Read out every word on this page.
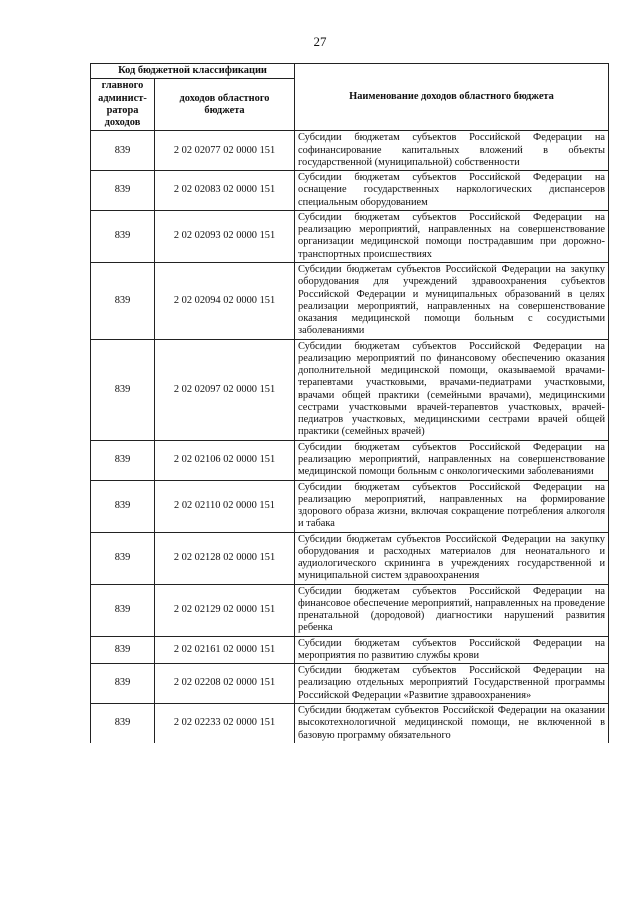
27
Код бюджетной классификации		Наименование доходов областного бюджета
главного админист-ратора доходов	доходов областного бюджета	
839	2 02 02077 02 0000 151	Субсидии бюджетам субъектов Российской Федерации на софинансирование капитальных вложений в объекты государственной (муниципальной) собственности
839	2 02 02083 02 0000 151	Субсидии бюджетам субъектов Российской Федерации на оснащение государственных наркологических диспансеров специальным оборудованием
839	2 02 02093 02 0000 151	Субсидии бюджетам субъектов Российской Федерации на реализацию мероприятий, направленных на совершенствование организации медицинской помощи пострадавшим при дорожно-транспортных происшествиях
839	2 02 02094 02 0000 151	Субсидии бюджетам субъектов Российской Федерации на закупку оборудования для учреждений здравоохранения субъектов Российской Федерации и муниципальных образований в целях реализации мероприятий, направленных на совершенствование оказания медицинской помощи больным с сосудистыми заболеваниями
839	2 02 02097 02 0000 151	Субсидии бюджетам субъектов Российской Федерации на реализацию мероприятий по финансовому обеспечению оказания дополнительной медицинской помощи, оказываемой врачами-терапевтами участковыми, врачами-педиатрами участковыми, врачами общей практики (семейными врачами), медицинскими сестрами участковыми врачей-терапевтов участковых, врачей-педиатров участковых, медицинскими сестрами врачей общей практики (семейных врачей)
839	2 02 02106 02 0000 151	Субсидии бюджетам субъектов Российской Федерации на реализацию мероприятий, направленных на совершенствование медицинской помощи больным с онкологическими заболеваниями
839	2 02 02110 02 0000 151	Субсидии бюджетам субъектов Российской Федерации на реализацию мероприятий, направленных на формирование здорового образа жизни, включая сокращение потребления алкоголя и табака
839	2 02 02128 02 0000 151	Субсидии бюджетам субъектов Российской Федерации на закупку оборудования и расходных материалов для неонатального и аудиологического скрининга в учреждениях государственной и муниципальной систем здравоохранения
839	2 02 02129 02 0000 151	Субсидии бюджетам субъектов Российской Федерации на финансовое обеспечение мероприятий, направленных на проведение пренатальной (дородовой) диагностики нарушений развития ребенка
839	2 02 02161 02 0000 151	Субсидии бюджетам субъектов Российской Федерации на мероприятия по развитию службы крови
839	2 02 02208 02 0000 151	Субсидии бюджетам субъектов Российской Федерации на реализацию отдельных мероприятий Государственной программы Российской Федерации «Развитие здравоохранения»
839	2 02 02233 02 0000 151	Субсидии бюджетам субъектов Российской Федерации на оказании высокотехнологичной медицинской помощи, не включенной в базовую программу обязательного
